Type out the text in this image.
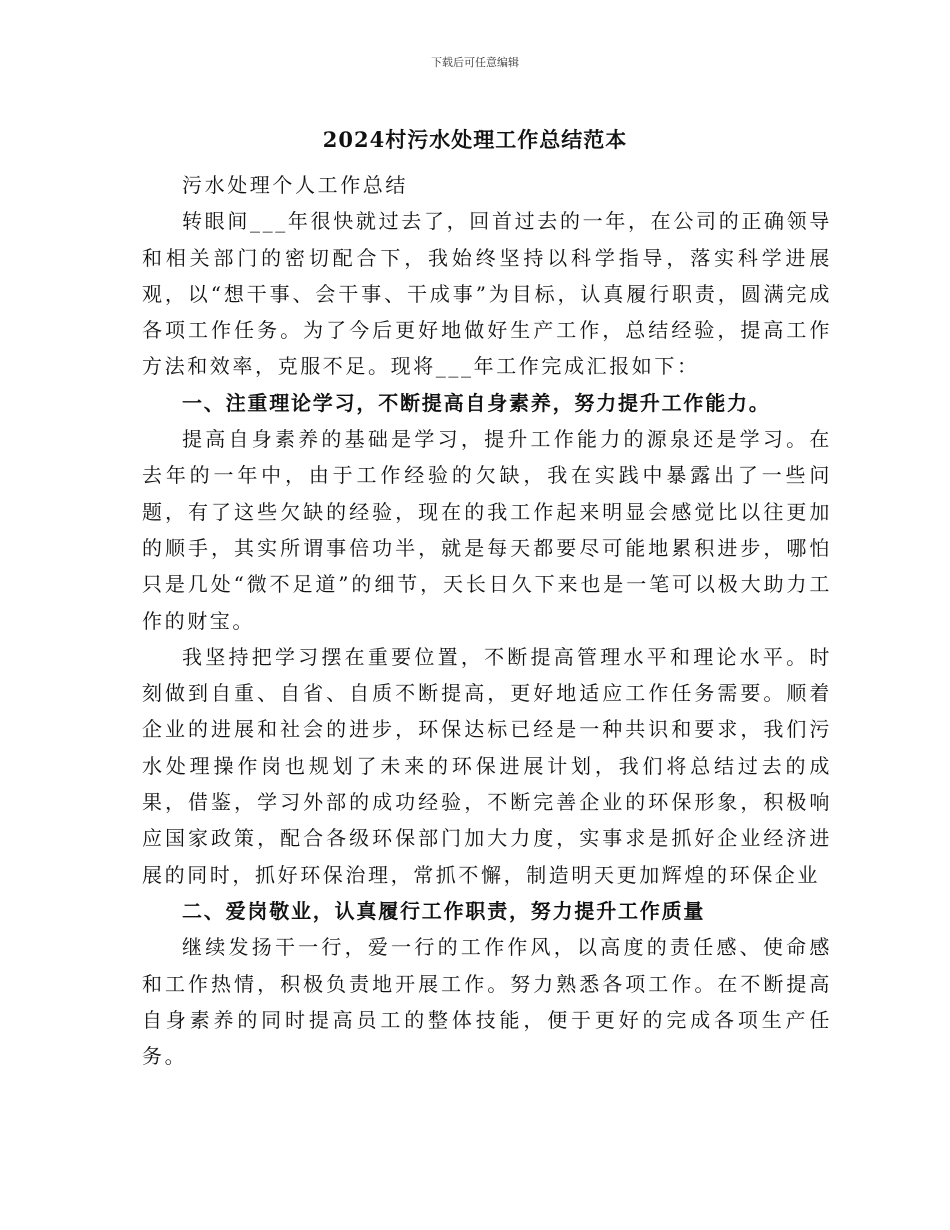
下载后可任意编辑
2024村污水处理工作总结范本

污水处理个人工作总结

转眼间___年很快就过去了，回首过去的一年，在公司的正确领导和相关部门的密切配合下，我始终坚持以科学指导，落实科学进展观，以“想干事、会干事、干成事”为目标，认真履行职责，圆满完成各项工作任务。为了今后更好地做好生产工作，总结经验，提高工作方法和效率，克服不足。现将___年工作完成汇报如下：

一、注重理论学习，不断提高自身素养，努力提升工作能力。

提高自身素养的基础是学习，提升工作能力的源泉还是学习。在去年的一年中，由于工作经验的欠缺，我在实践中暴露出了一些问题，有了这些欠缺的经验，现在的我工作起来明显会感觉比以往更加的顺手，其实所谓事倍功半，就是每天都要尽可能地累积进步，哪怕只是几处“微不足道”的细节，天长日久下来也是一笔可以极大助力工作的财宝。

我坚持把学习摆在重要位置，不断提高管理水平和理论水平。时刻做到自重、自省、自质不断提高，更好地适应工作任务需要。顺着企业的进展和社会的进步，环保达标已经是一种共识和要求，我们污水处理操作岗也规划了未来的环保进展计划，我们将总结过去的成果，借鉴，学习外部的成功经验，不断完善企业的环保形象，积极响应国家政策，配合各级环保部门加大力度，实事求是抓好企业经济进展的同时，抓好环保治理，常抓不懈，制造明天更加辉煌的环保企业

二、爱岗敬业，认真履行工作职责，努力提升工作质量

继续发扬干一行，爱一行的工作作风，以高度的责任感、使命感和工作热情，积极负责地开展工作。努力熟悉各项工作。在不断提高自身素养的同时提高员工的整体技能，便于更好的完成各项生产任务。
